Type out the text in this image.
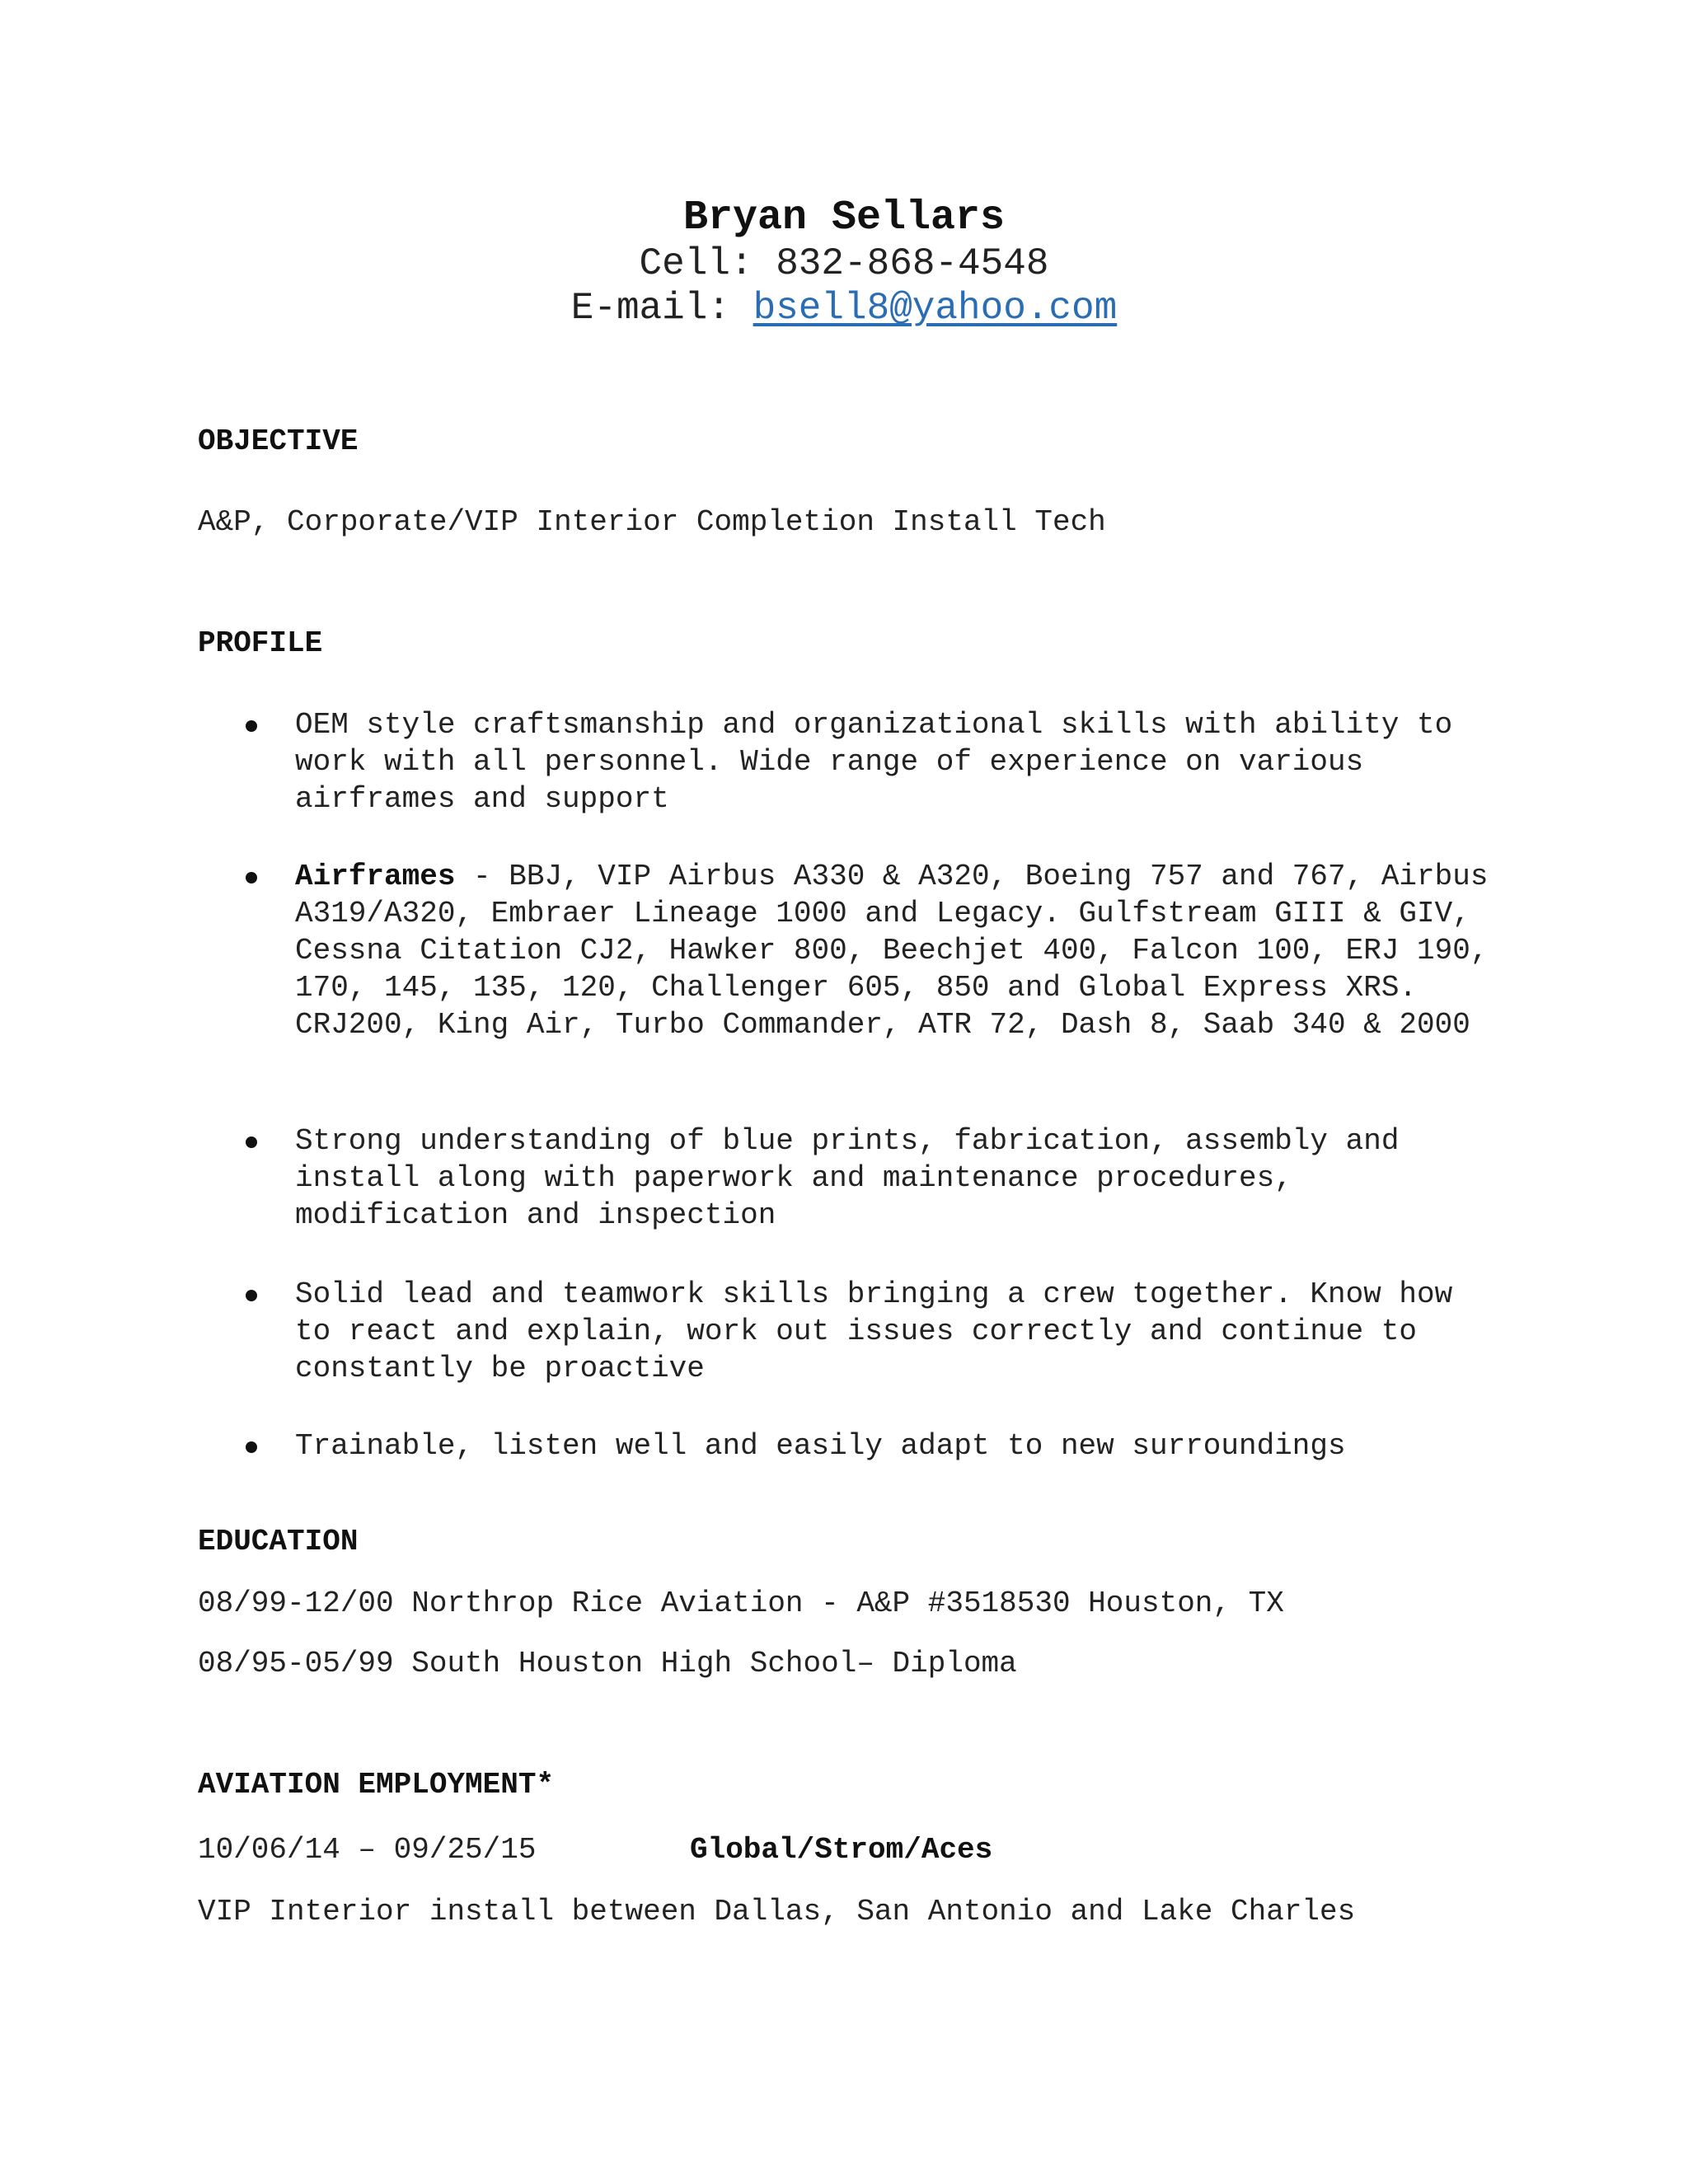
Bryan Sellars
Cell: 832-868-4548
E-mail: bsell8@yahoo.com
OBJECTIVE
A&P, Corporate/VIP Interior Completion Install Tech
PROFILE
OEM style craftsmanship and organizational skills with ability to work with all personnel. Wide range of experience on various airframes and support
Airframes - BBJ, VIP Airbus A330 & A320, Boeing 757 and 767, Airbus A319/A320, Embraer Lineage 1000 and Legacy. Gulfstream GIII & GIV, Cessna Citation CJ2, Hawker 800, Beechjet 400, Falcon 100, ERJ 190, 170, 145, 135, 120, Challenger 605, 850 and Global Express XRS. CRJ200, King Air, Turbo Commander, ATR 72, Dash 8, Saab 340 & 2000
Strong understanding of blue prints, fabrication, assembly and install along with paperwork and maintenance procedures, modification and inspection
Solid lead and teamwork skills bringing a crew together. Know how to react and explain, work out issues correctly and continue to constantly be proactive
Trainable, listen well and easily adapt to new surroundings
EDUCATION
08/99-12/00 Northrop Rice Aviation - A&P #3518530 Houston, TX
08/95-05/99 South Houston High School– Diploma
AVIATION EMPLOYMENT*
10/06/14 – 09/25/15	Global/Strom/Aces
VIP Interior install between Dallas, San Antonio and Lake Charles
